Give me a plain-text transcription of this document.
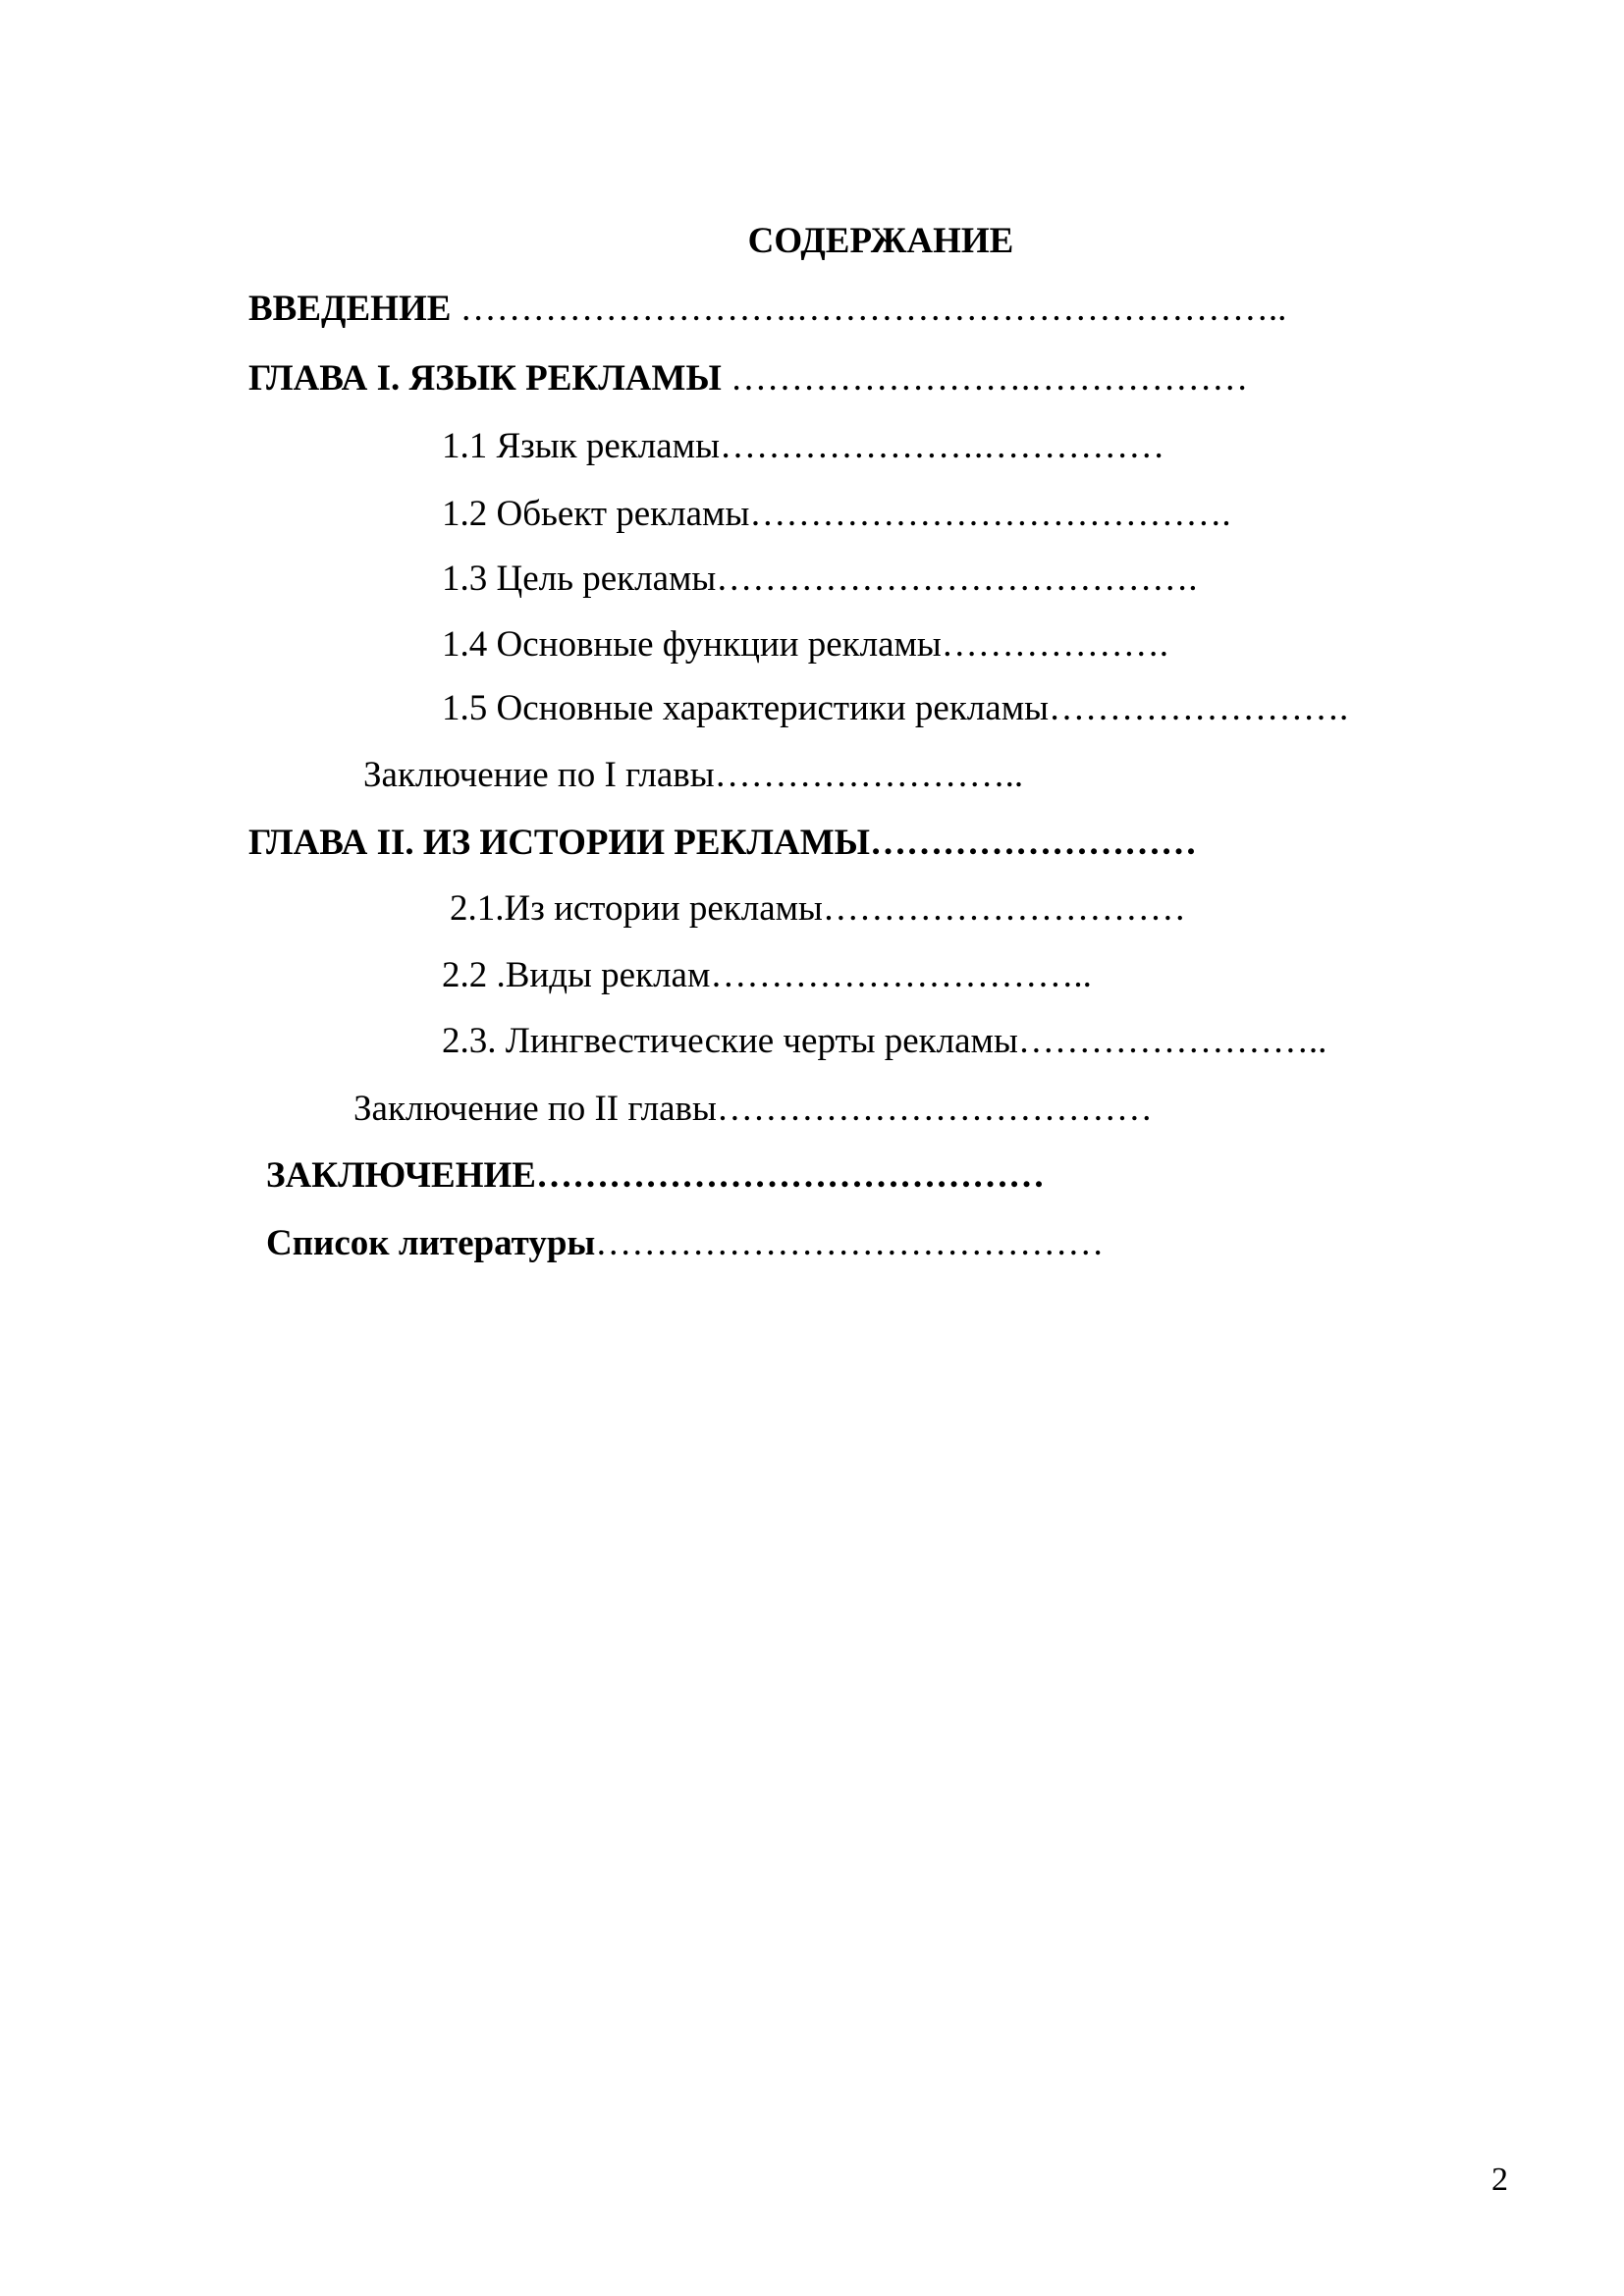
СОДЕРЖАНИЕ
ВВЕДЕНИЕ ……………………….…………………………………..
ГЛАВА I. ЯЗЫК РЕКЛАМЫ …………………….………………
1.1 Язык рекламы………………….……………
1.2 Обьект рекламы………………………………….
1.3 Цель рекламы………………………………….
1.4 Основные функции рекламы……………….
1.5 Основные характеристики рекламы…………………….
Заключение по I главы……………………..
ГЛАВА II. ИЗ ИСТОРИИ РЕКЛАМЫ………………………
2.1.Из истории рекламы…………………………
2.2 .Виды реклам…………………………..
2.3. Лингвестические черты рекламы……………………..
Заключение по II главы………………………………
ЗАКЛЮЧЕНИЕ……………………………………
Список литературы……………………………………
2
